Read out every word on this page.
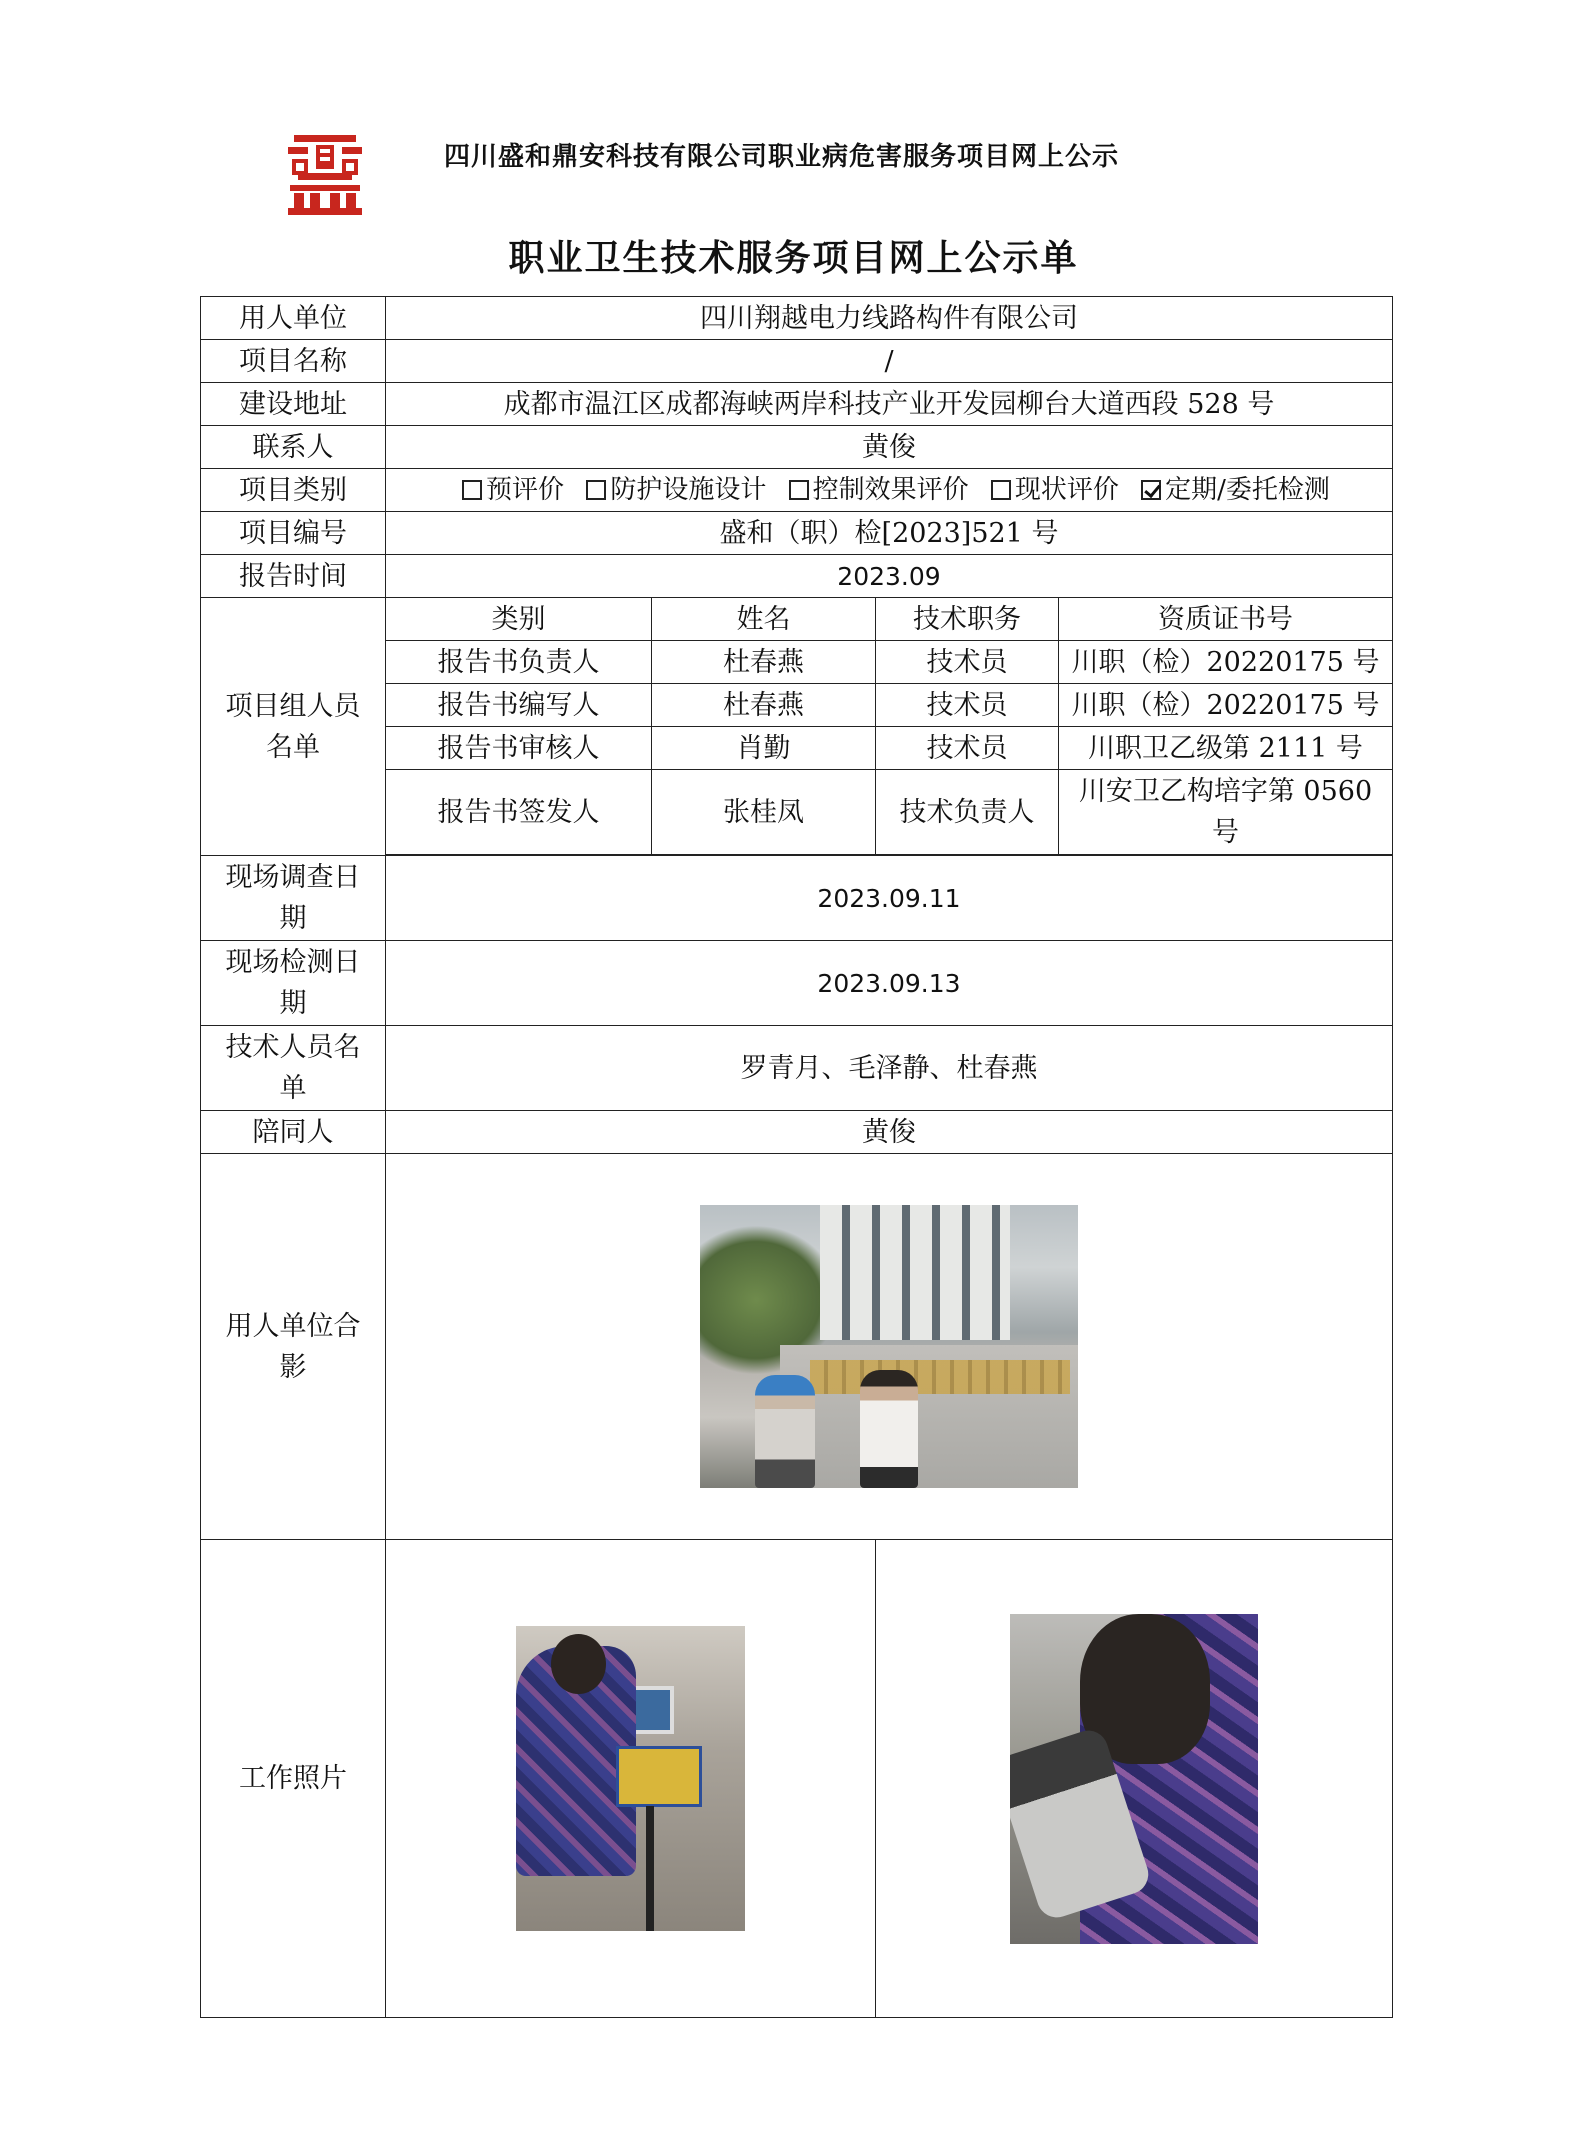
四川盛和鼎安科技有限公司职业病危害服务项目网上公示
职业卫生技术服务项目网上公示单
用人单位	四川翔越电力线路构件有限公司			
项目名称	/			
建设地址	成都市温江区成都海峡两岸科技产业开发园柳台大道西段 528 号			
联系人	黄俊			
项目类别	预评价 防护设施设计 控制效果评价 现状评价 定期/委托检测			
项目编号	盛和（职）检[2023]521 号			
报告时间	2023.09			

项目组人员
名单	类别	姓名	技术职务	资质证书号
	报告书负责人	杜春燕	技术员	川职（检）20220175 号
	报告书编写人	杜春燕	技术员	川职（检）20220175 号
	报告书审核人	肖勤	技术员	川职卫乙级第 2111 号
	报告书签发人	张桂凤	技术负责人	川安卫乙构培字第 0560
号

现场调查日
期	2023.09.11			

现场检测日
期	2023.09.13			

技术人员名
单	罗青月、毛泽静、杜春燕			
陪同人	黄俊			

用人单位合
影				

工作照片			
